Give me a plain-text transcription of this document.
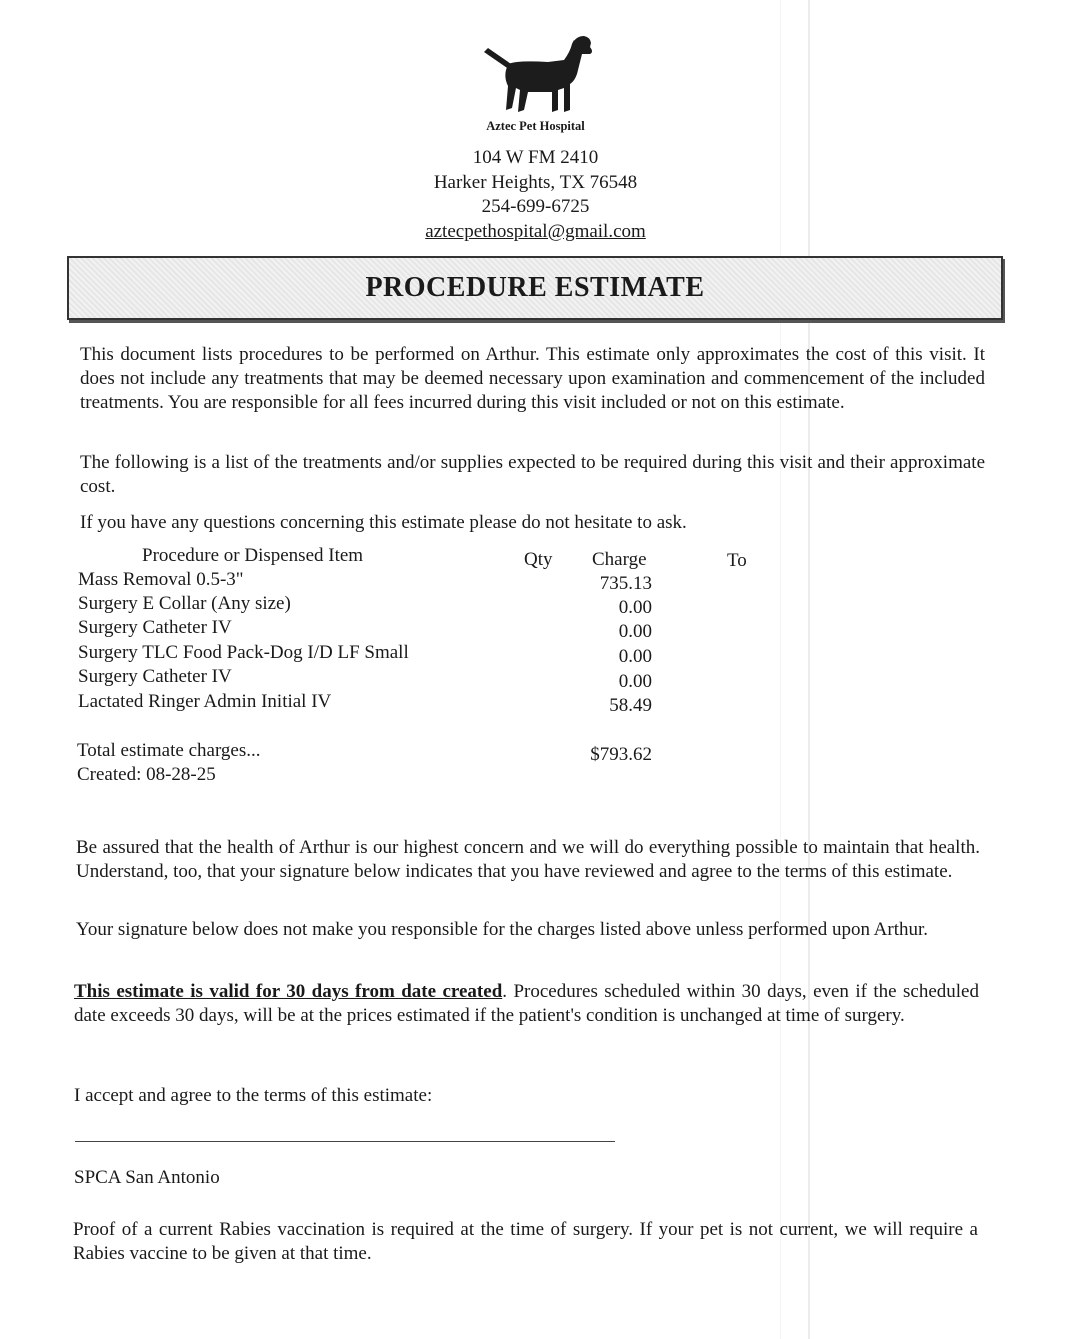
Aztec Pet Hospital
104 W FM 2410
Harker Heights, TX 76548
254-699-6725
aztecpethospital@gmail.com
PROCEDURE ESTIMATE
This document lists procedures to be performed on Arthur. This estimate only approximates the cost of this visit. It does not include any treatments that may be deemed necessary upon examination and commencement of the included treatments. You are responsible for all fees incurred during this visit included or not on this estimate.
The following is a list of the treatments and/or supplies expected to be required during this visit and their approximate cost.
If you have any questions concerning this estimate please do not hesitate to ask.
Procedure or Dispensed Item	Qty Charge	To
Mass Removal 0.5-3"	735.13
Surgery E Collar (Any size)	0.00
Surgery Catheter IV	0.00
Surgery TLC Food Pack-Dog I/D LF Small	0.00
Surgery Catheter IV	0.00
Lactated Ringer Admin Initial IV	58.49
Total estimate charges...	$793.62
Created: 08-28-25
Be assured that the health of Arthur is our highest concern and we will do everything possible to maintain that health. Understand, too, that your signature below indicates that you have reviewed and agree to the terms of this estimate.
Your signature below does not make you responsible for the charges listed above unless performed upon Arthur.
This estimate is valid for 30 days from date created. Procedures scheduled within 30 days, even if the scheduled date exceeds 30 days, will be at the prices estimated if the patient's condition is unchanged at time of surgery.
I accept and agree to the terms of this estimate:
SPCA San Antonio
Proof of a current Rabies vaccination is required at the time of surgery. If your pet is not current, we will require a Rabies vaccine to be given at that time.
